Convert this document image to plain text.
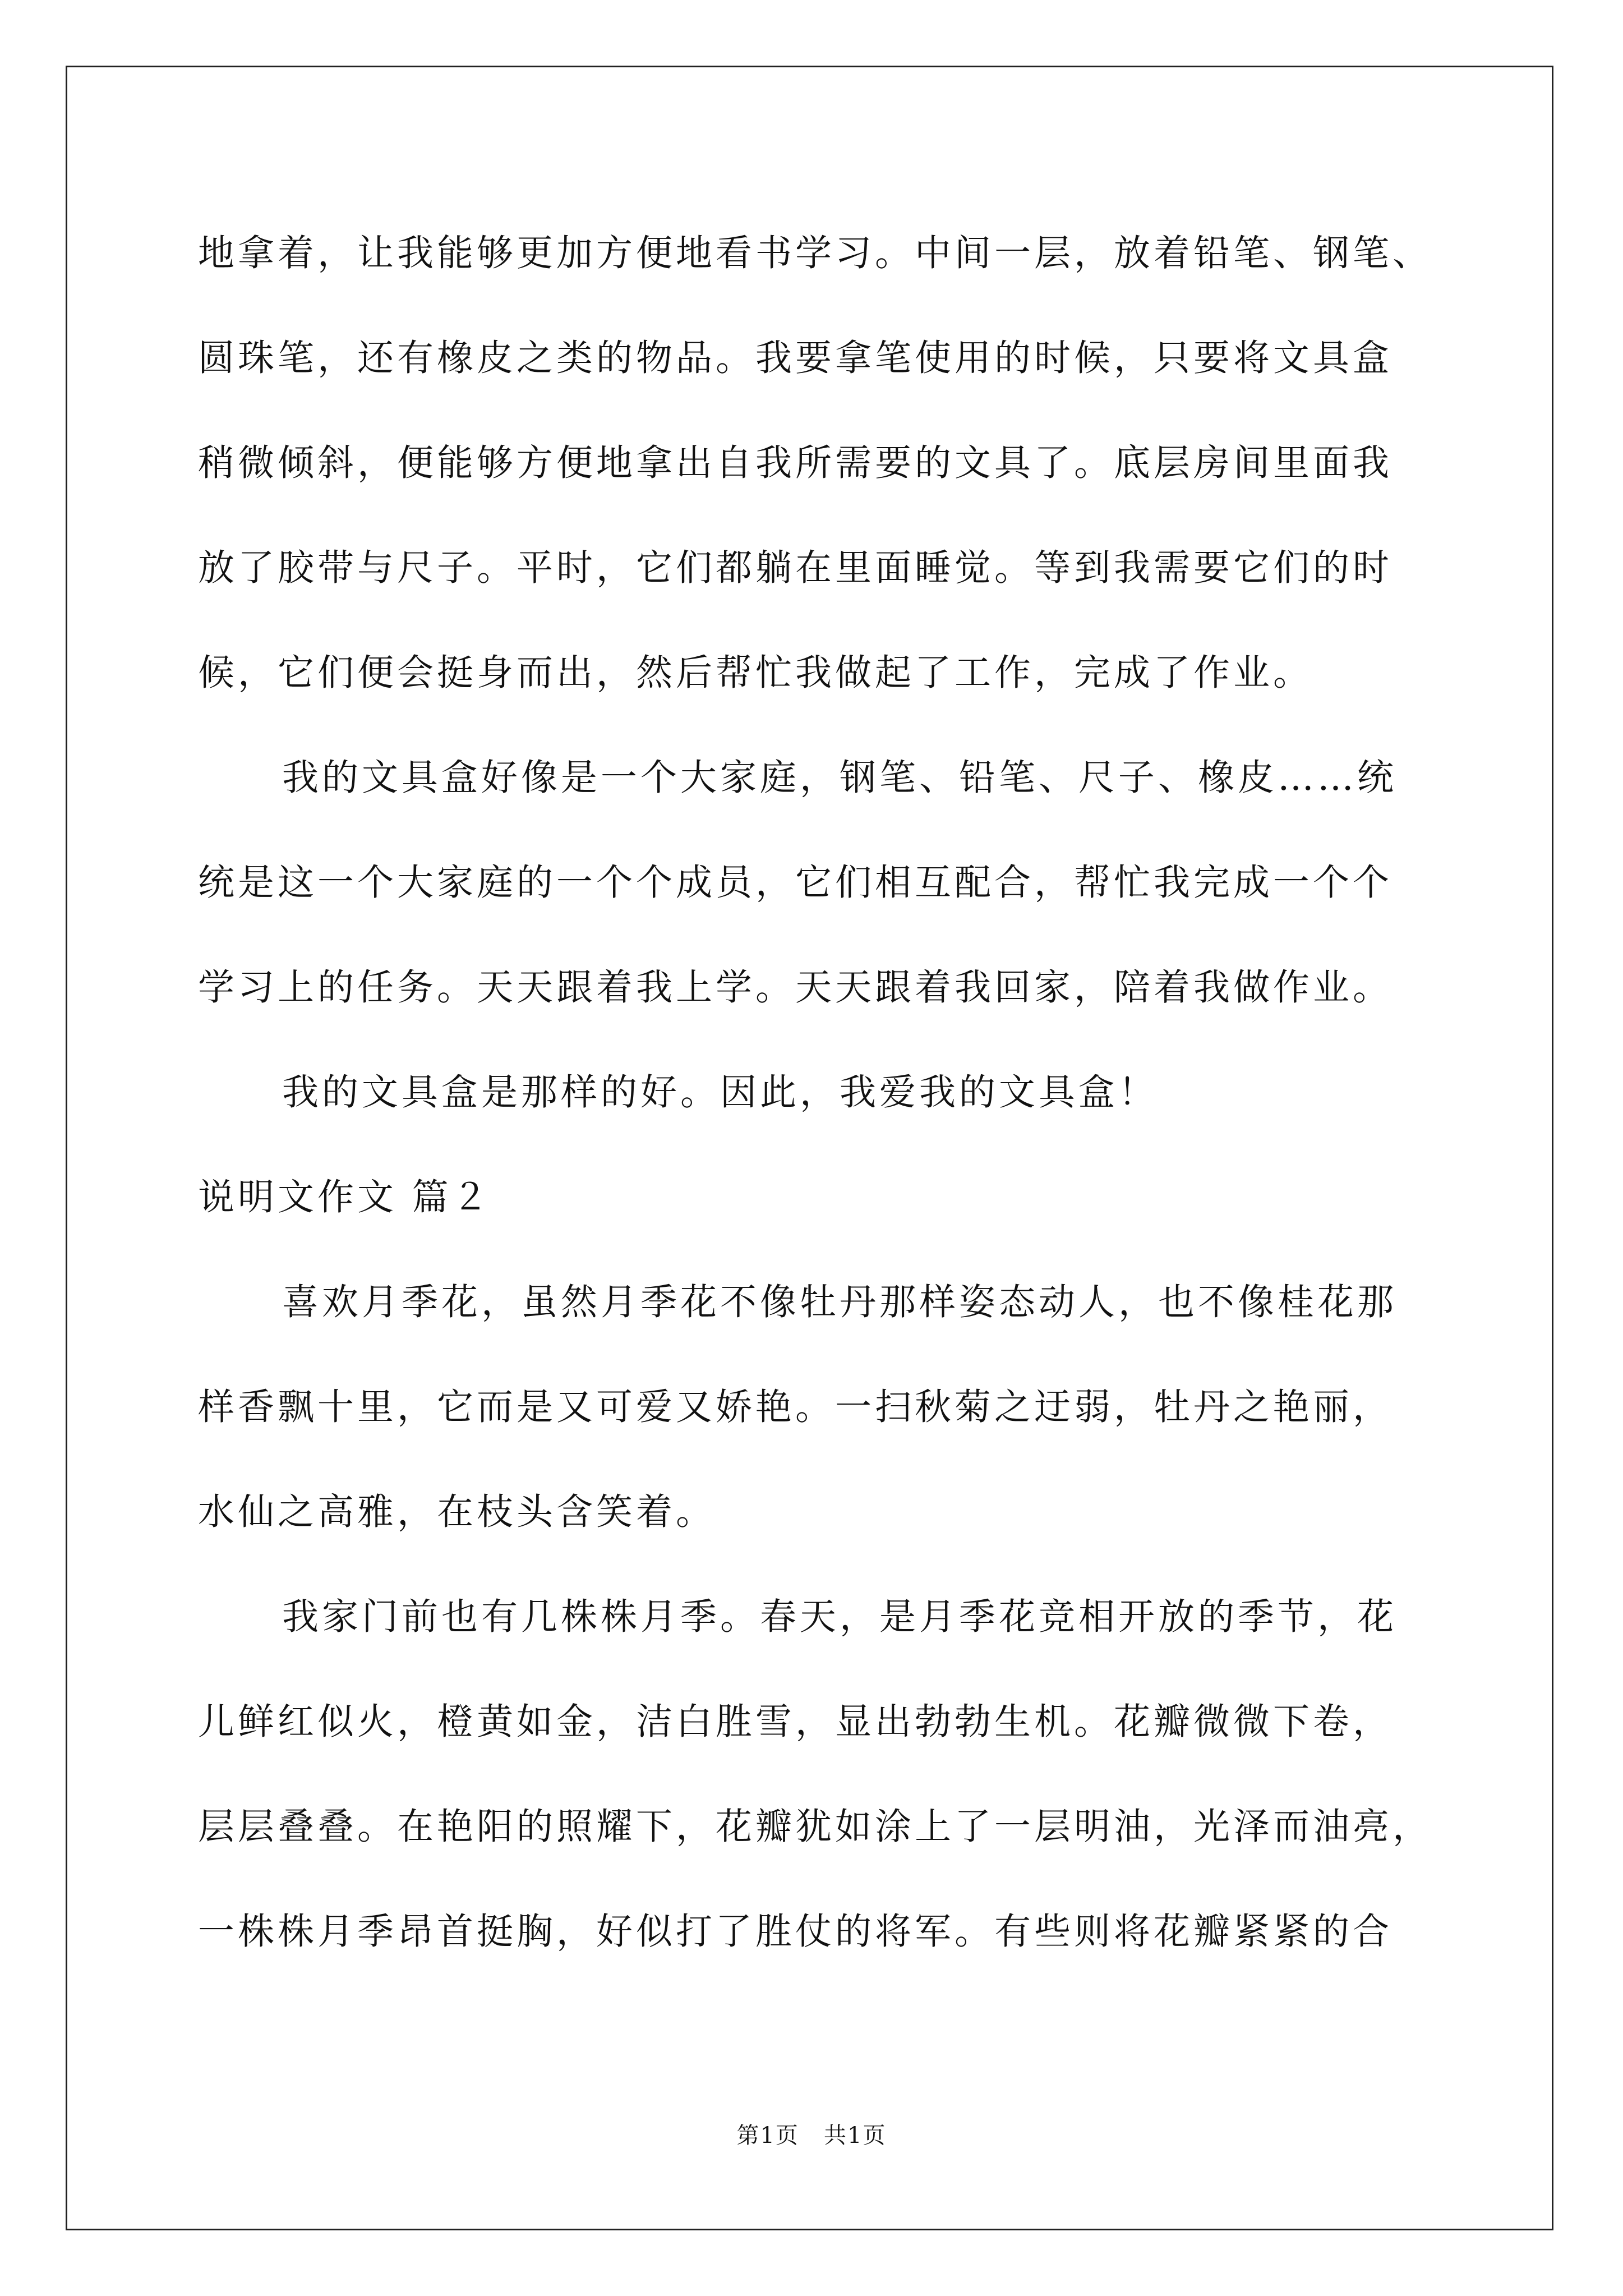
地拿着，让我能够更加方便地看书学习。中间一层，放着铅笔、钢笔、
圆珠笔，还有橡皮之类的物品。我要拿笔使用的时候，只要将文具盒
稍微倾斜，便能够方便地拿出自我所需要的文具了。底层房间里面我
放了胶带与尺子。平时，它们都躺在里面睡觉。等到我需要它们的时
候，它们便会挺身而出，然后帮忙我做起了工作，完成了作业。
我的文具盒好像是一个大家庭，钢笔、铅笔、尺子、橡皮……统
统是这一个大家庭的一个个成员，它们相互配合，帮忙我完成一个个
学习上的任务。天天跟着我上学。天天跟着我回家，陪着我做作业。
我的文具盒是那样的好。因此，我爱我的文具盒！
说明文作文 篇２
喜欢月季花，虽然月季花不像牡丹那样姿态动人，也不像桂花那
样香飘十里，它而是又可爱又娇艳。一扫秋菊之迂弱，牡丹之艳丽，
水仙之高雅，在枝头含笑着。
我家门前也有几株株月季。春天，是月季花竞相开放的季节，花
儿鲜红似火，橙黄如金，洁白胜雪，显出勃勃生机。花瓣微微下卷，
层层叠叠。在艳阳的照耀下，花瓣犹如涂上了一层明油，光泽而油亮，
一株株月季昂首挺胸，好似打了胜仗的将军。有些则将花瓣紧紧的合
第1页   共1页
